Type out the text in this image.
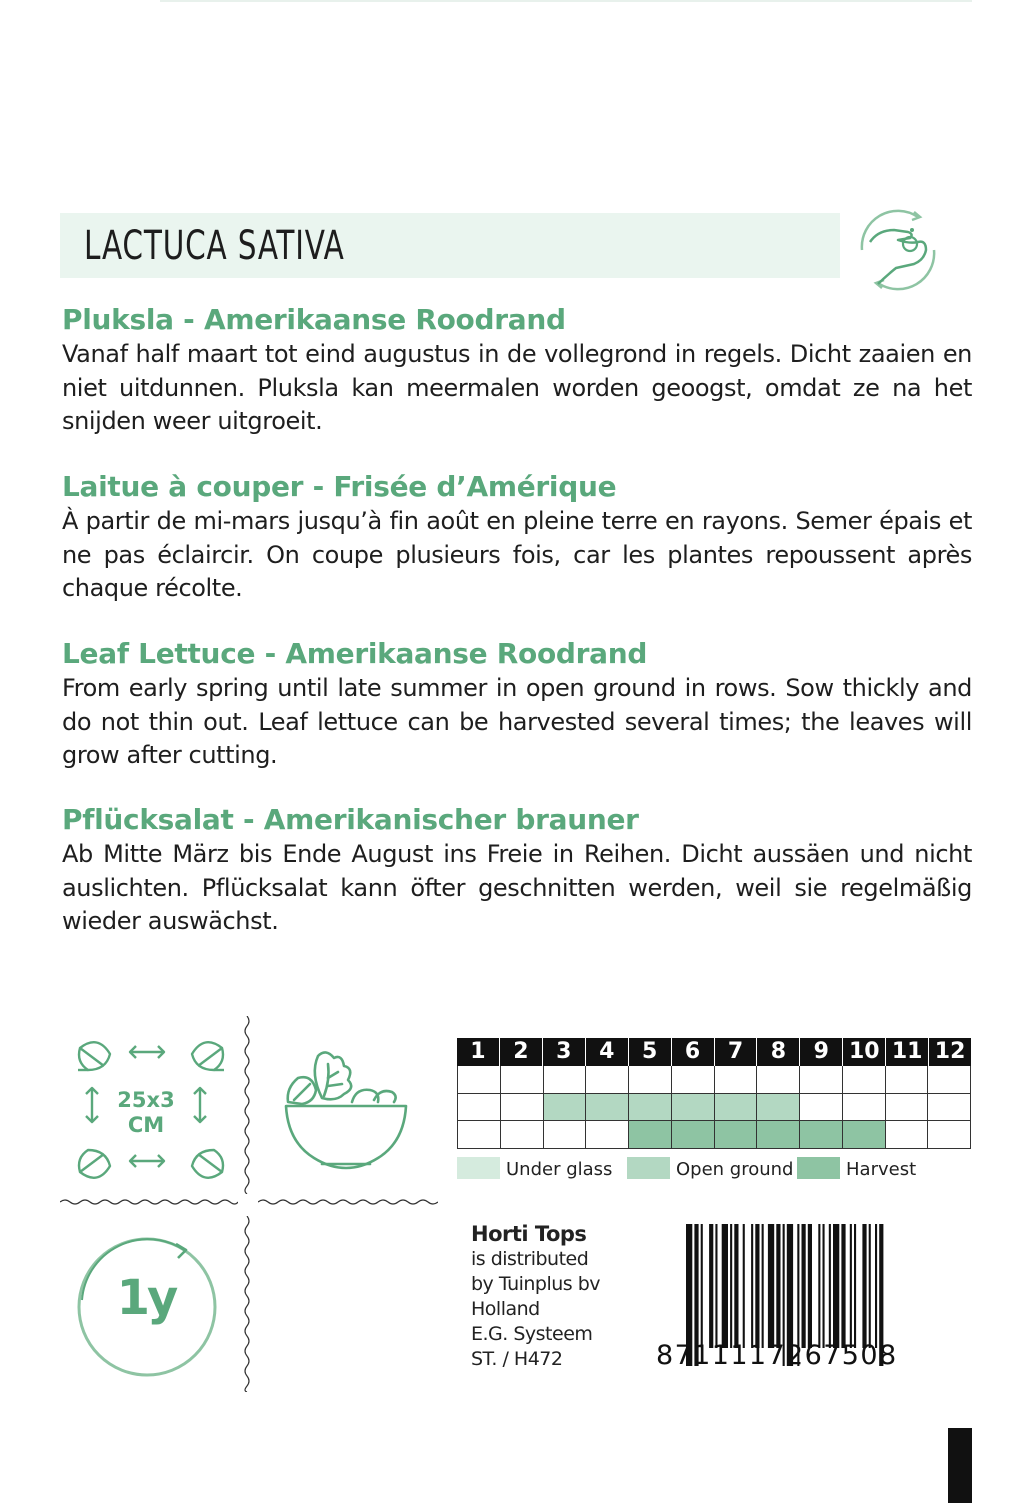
LACTUCA SATIVA
Pluksla - Amerikaanse Roodrand
Vanaf half maart tot eind augustus in de vollegrond in regels. Dicht zaaien en niet uitdunnen. Pluksla kan meermalen worden geoogst, omdat ze na het snijden weer uitgroeit.
Laitue à couper - Frisée d’Amérique
À partir de mi-mars jusqu’à fin août en pleine terre en rayons. Semer épais et ne pas éclaircir. On coupe plusieurs fois, car les plantes repoussent après chaque récolte.
Leaf Lettuce - Amerikaanse Roodrand
From early spring until late summer in open ground in rows. Sow thickly and do not thin out. Leaf lettuce can be harvested several times; the leaves will grow after cutting.
Pflücksalat - Amerikanischer brauner
Ab Mitte März bis Ende August ins Freie in Reihen. Dicht aussäen und nicht auslichten. Pflücksalat kann öfter geschnitten werden, weil sie regelmäßig wieder auswächst.
25x3
CM
1	2	3	4	5	6	7	8	9 10 11 12
Under glass	Open ground	Harvest
1y
Horti Tops
is distributed
by Tuinplus bv
Holland
E.G. Systeem
ST. / H472	8711117267508
